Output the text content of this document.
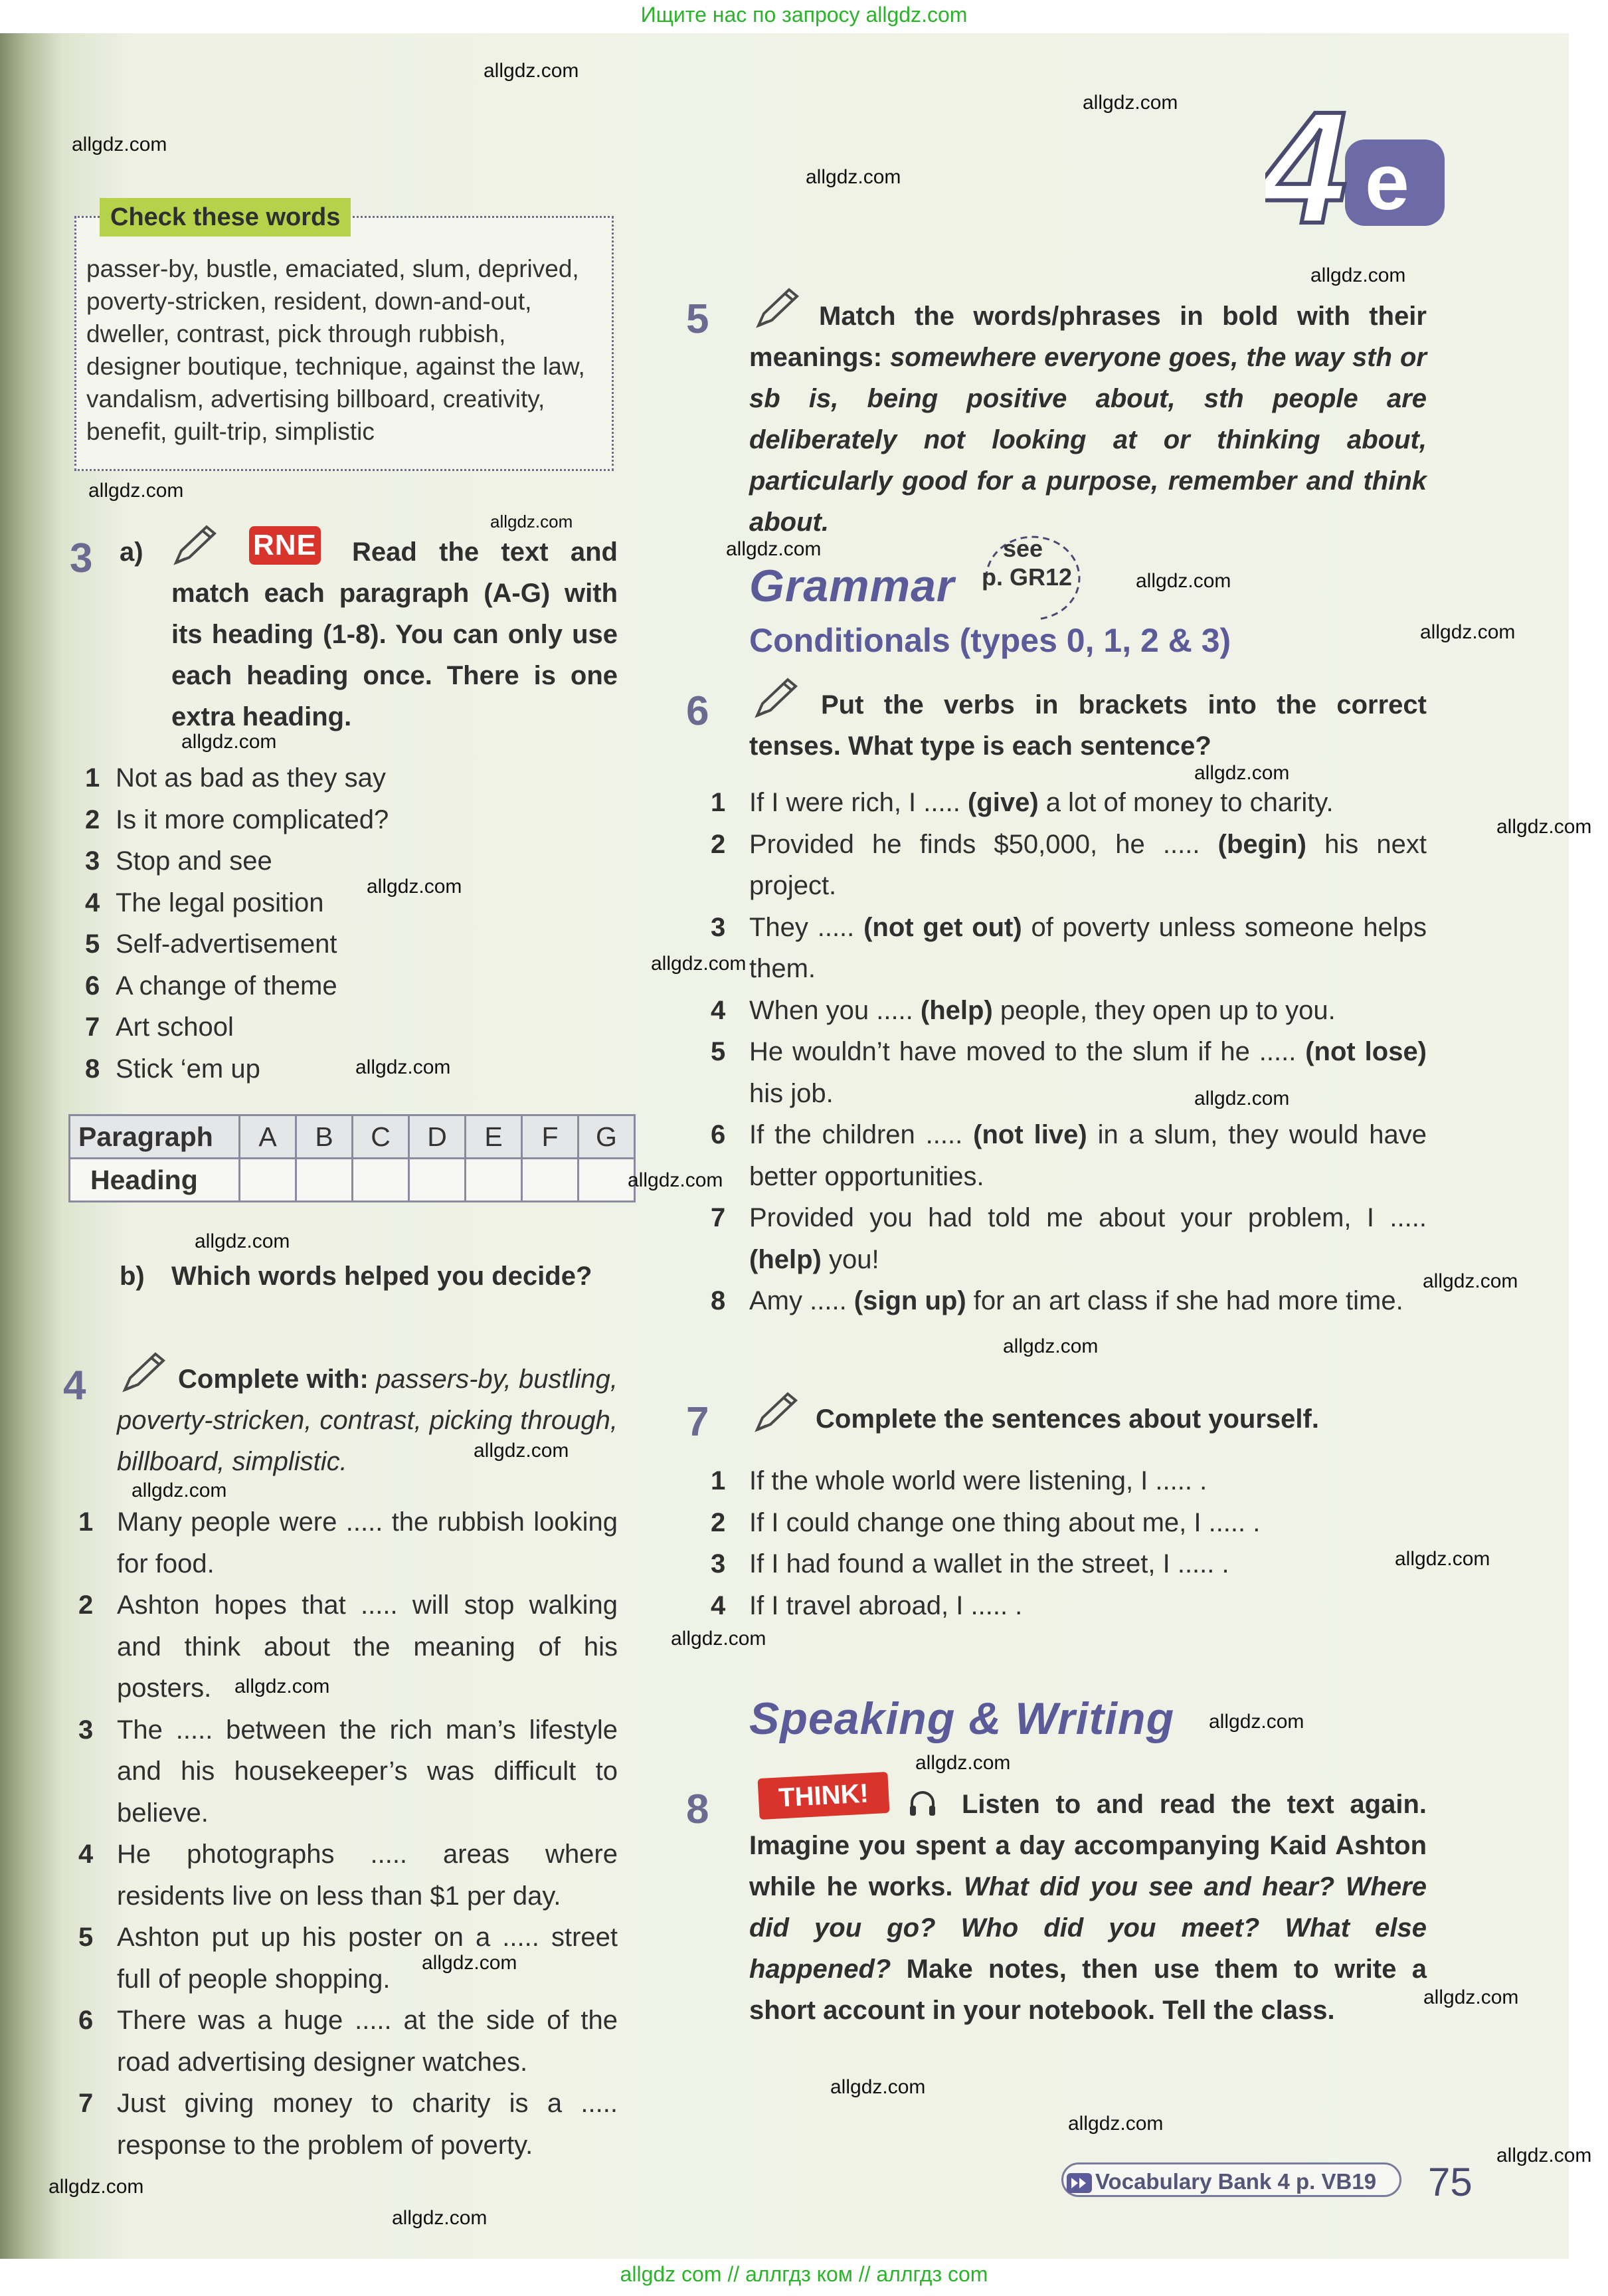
Ищите нас по запросу allgdz.com
e
4
Check these words
passer-by, bustle, emaciated, slum, deprived, poverty-stricken, resident, down-and-out, dweller, contrast, pick through rubbish, designer boutique, technique, against the law, vandalism, advertising billboard, creativity, benefit, guilt-trip, simplistic
3 a)	RNE	Read the text and match each paragraph (A-G) with its heading (1-8). You can only use each heading once. There is one extra heading.
1 Not as bad as they say
2 Is it more complicated?
3 Stop and see
4 The legal position
5 Self-advertisement
6 A change of theme
7 Art school
8 Stick ‘em up
Paragraph	A	B	C	D	E	F	G
Heading							
b) Which words helped you decide?
4	Complete with: passers-by, bustling, poverty-stricken, contrast, picking through, billboard, simplistic.
1 Many people were ..... the rubbish looking for food.
2 Ashton hopes that ..... will stop walking and think about the meaning of his posters.
3 The ..... between the rich man’s lifestyle and his housekeeper’s was difficult to believe.
4 He photographs ..... areas where residents live on less than $1 per day.
5 Ashton put up his poster on a ..... street full of people shopping.
6 There was a huge ..... at the side of the road advertising designer watches.
7 Just giving money to charity is a ..... response to the problem of poverty.
5	Match the words/phrases in bold with their meanings: somewhere everyone goes, the way sth or sb is, being positive about, sth people are deliberately not looking at or thinking about, particularly good for a purpose, remember and think about.
Grammar
see
p. GR12
Conditionals (types 0, 1, 2 & 3)
6	Put the verbs in brackets into the correct tenses. What type is each sentence?
1 If I were rich, I ..... (give) a lot of money to charity.
2 Provided he finds $50,000, he ..... (begin) his next project.
3 They ..... (not get out) of poverty unless someone helps them.
4 When you ..... (help) people, they open up to you.
5 He wouldn’t have moved to the slum if he ..... (not lose) his job.
6 If the children ..... (not live) in a slum, they would have better opportunities.
7 Provided you had told me about your problem, I ..... (help) you!
8 Amy ..... (sign up) for an art class if she had more time.
7	Complete the sentences about yourself.
1 If the whole world were listening, I ..... .
2 If I could change one thing about me, I ..... .
3 If I had found a wallet in the street, I ..... .
4 If I travel abroad, I ..... .
Speaking & Writing
8	THINK!	Listen to and read the text again. Imagine you spent a day accompanying Kaid Ashton while he works. What did you see and hear? Where did you go? Who did you meet? What else happened? Make notes, then use them to write a short account in your notebook. Tell the class.
Vocabulary Bank 4 p. VB19	75
allgdz.com
allgdz.com
allgdz.com
allgdz.com
allgdz.com
allgdz.com
allgdz.com
allgdz.com
allgdz.com
allgdz.com
allgdz.com
allgdz.com
allgdz.com
allgdz.com
allgdz.com
allgdz.com
allgdz.com
allgdz.com
allgdz.com
allgdz.com
allgdz.com
allgdz.com
allgdz.com
allgdz.com
allgdz.com
allgdz.com
allgdz.com
allgdz.com
allgdz.com
allgdz.com
allgdz.com
allgdz.com
allgdz.com
allgdz.com
allgdz.com
allgdz com // аллгдз ком // аллгдз com
